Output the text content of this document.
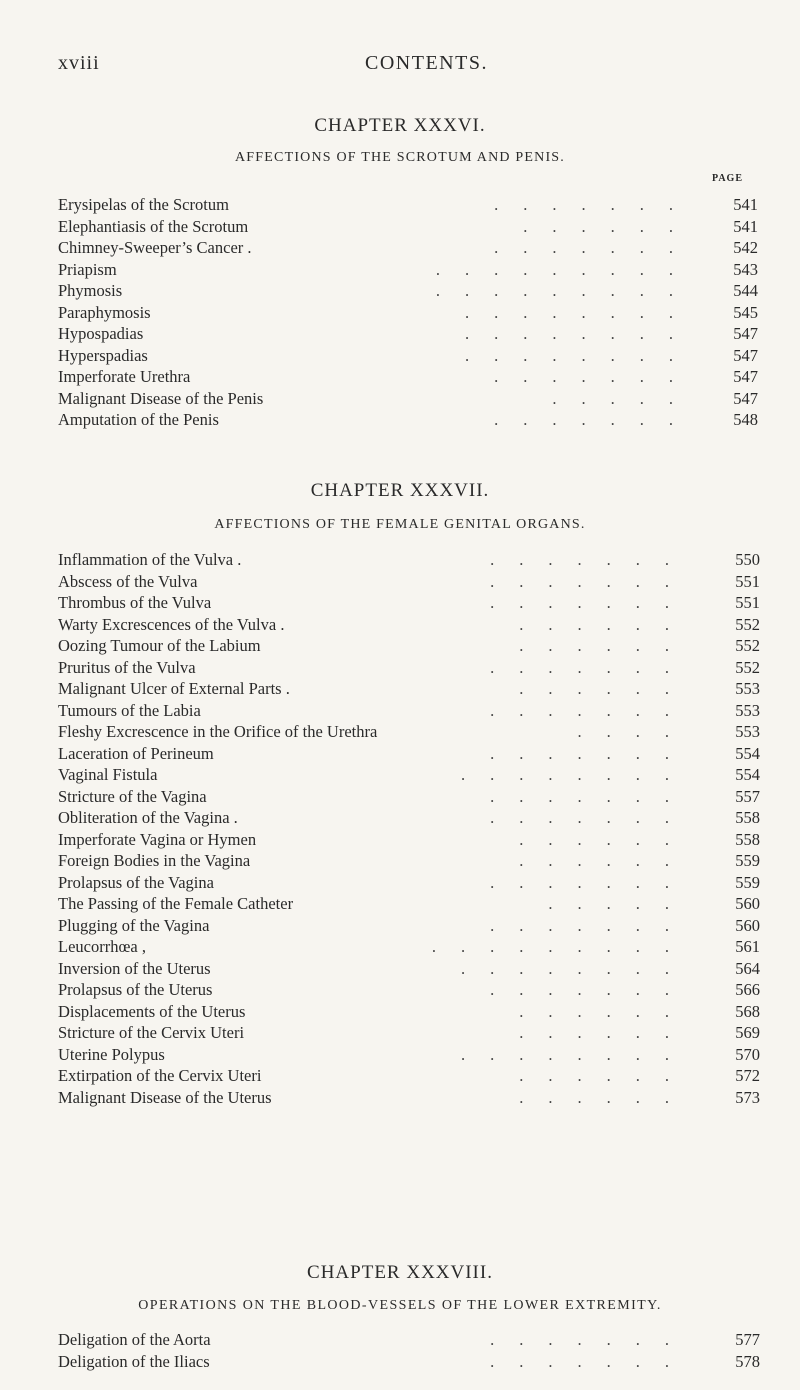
xviii	CONTENTS.
CHAPTER XXXVI.
AFFECTIONS OF THE SCROTUM AND PENIS.
PAGE
Erysipelas of the Scrotum	.......	541
Elephantiasis of the Scrotum	......	541
Chimney-Sweeper’s Cancer .	.......	542
Priapism	.........	543
Phymosis	.........	544
Paraphymosis	........	545
Hypospadias	........	547
Hyperspadias	........	547
Imperforate Urethra	.......	547
Malignant Disease of the Penis	.....	547
Amputation of the Penis	.......	548
CHAPTER XXXVII.
AFFECTIONS OF THE FEMALE GENITAL ORGANS.
Inflammation of the Vulva .	.......	550
Abscess of the Vulva	.......	551
Thrombus of the Vulva	.......	551
Warty Excrescences of the Vulva .	......	552
Oozing Tumour of the Labium	......	552
Pruritus of the Vulva	.......	552
Malignant Ulcer of External Parts .	......	553
Tumours of the Labia	.......	553
Fleshy Excrescence in the Orifice of the Urethra	....	553
Laceration of Perineum	.......	554
Vaginal Fistula	........	554
Stricture of the Vagina	.......	557
Obliteration of the Vagina .	.......	558
Imperforate Vagina or Hymen	......	558
Foreign Bodies in the Vagina	......	559
Prolapsus of the Vagina	.......	559
The Passing of the Female Catheter	.....	560
Plugging of the Vagina	.......	560
Leucorrhœa ,	.........	561
Inversion of the Uterus	........	564
Prolapsus of the Uterus	.......	566
Displacements of the Uterus	......	568
Stricture of the Cervix Uteri	......	569
Uterine Polypus	........	570
Extirpation of the Cervix Uteri	......	572
Malignant Disease of the Uterus	......	573
CHAPTER XXXVIII.
OPERATIONS ON THE BLOOD-VESSELS OF THE LOWER EXTREMITY.
Deligation of the Aorta	.......	577
Deligation of the Iliacs	.......	578
